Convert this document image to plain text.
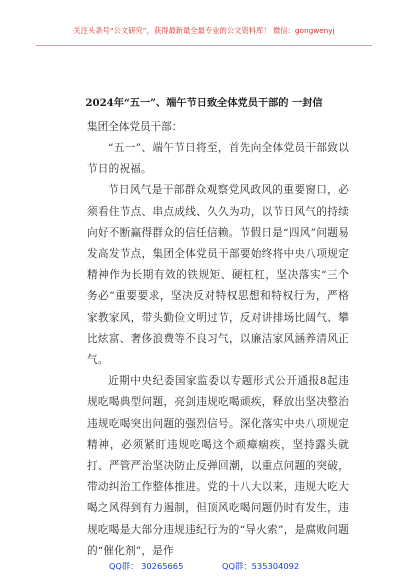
关注头条号“公文研究”，获得最新最全最专业的公文资料库！ 微信：gongwenyj
2024年“五一”、端午节日致全体党员干部的 一封信

集团全体党员干部：

“五一”、端午节日将至，首先向全体党员干部致以节日的祝福。

节日风气是干部群众观察党风政风的重要窗口，必须看住节点、串点成线、久久为功，以节日风气的持续向好不断赢得群众的信任信赖。节假日是“四风”问题易发高发节点，集团全体党员干部要始终将中央八项规定精神作为长期有效的铁规矩、硬杠杠，坚决落实“三个务必”重要要求，坚决反对特权思想和特权行为，严格家教家风，带头勤俭文明过节，反对讲排场比阔气、攀比炫富、奢侈浪费等不良习气，以廉洁家风涵养清风正气。

近期中央纪委国家监委以专题形式公开通报8起违规吃喝典型问题，亮剑违规吃喝顽疾，释放出坚决整治违规吃喝突出问题的强烈信号。深化落实中央八项规定精神，必须紧盯违规吃喝这个顽瘴痼疾，坚持露头就打、严管严治坚决防止反弹回潮，以重点问题的突破，带动纠治工作整体推进。党的十八大以来，违规大吃大喝之风得到有力遏制，但顶风吃喝问题仍时有发生，违规吃喝是大部分违规违纪行为的“导火索”，是腐败问题的“催化剂”，是作

QQ群： 30265665	QQ群：535304092
